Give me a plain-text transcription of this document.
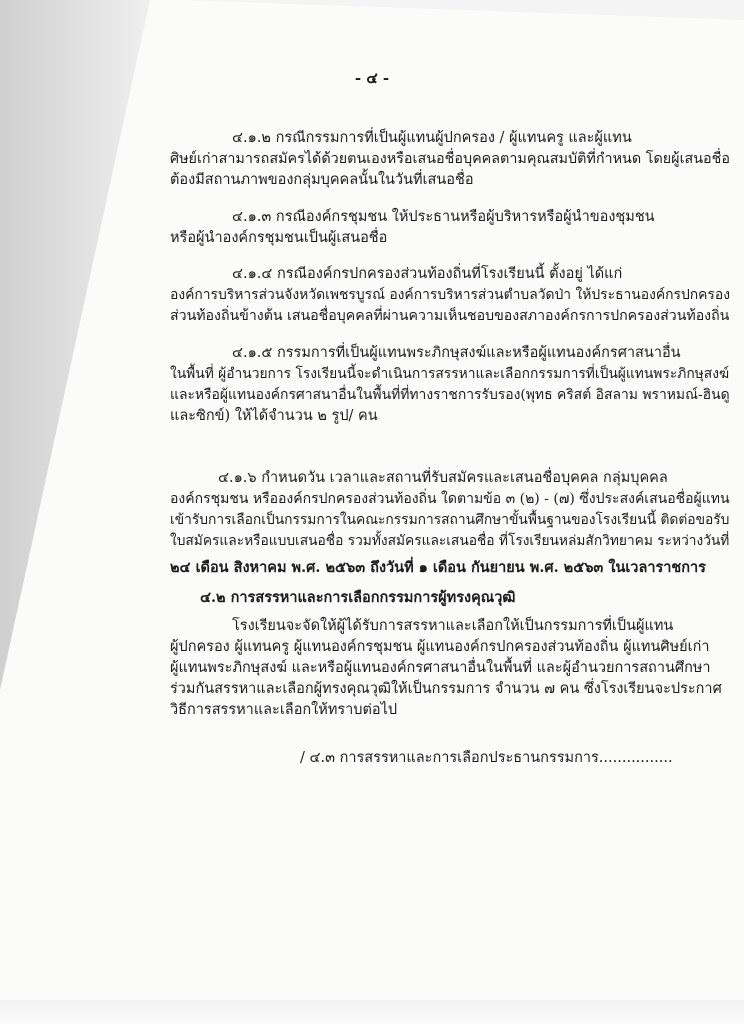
- ๔ -
๔.๑.๒ กรณีกรรมการที่เป็นผู้แทนผู้ปกครอง / ผู้แทนครู และผู้แทน
ศิษย์เก่าสามารถสมัครได้ด้วยตนเองหรือเสนอชื่อบุคคลตามคุณสมบัติที่กำหนด โดยผู้เสนอชื่อ
ต้องมีสถานภาพของกลุ่มบุคคลนั้นในวันที่เสนอชื่อ
๔.๑.๓ กรณีองค์กรชุมชน ให้ประธานหรือผู้บริหารหรือผู้นำของชุมชน
หรือผู้นำองค์กรชุมชนเป็นผู้เสนอชื่อ
๔.๑.๔ กรณีองค์กรปกครองส่วนท้องถิ่นที่โรงเรียนนี้ ตั้งอยู่ ได้แก่
องค์การบริหารส่วนจังหวัดเพชรบูรณ์ องค์การบริหารส่วนตำบลวัดป่า ให้ประธานองค์กรปกครอง
ส่วนท้องถิ่นข้างต้น เสนอชื่อบุคคลที่ผ่านความเห็นชอบของสภาองค์กรการปกครองส่วนท้องถิ่น
๔.๑.๕ กรรมการที่เป็นผู้แทนพระภิกษุสงฆ์และหรือผู้แทนองค์กรศาสนาอื่น
ในพื้นที่ ผู้อำนวยการ โรงเรียนนี้จะดำเนินการสรรหาและเลือกกรรมการที่เป็นผู้แทนพระภิกษุสงฆ์
และหรือผู้แทนองค์กรศาสนาอื่นในพื้นที่ที่ทางราชการรับรอง(พุทธ คริสต์ อิสลาม พราหมณ์-ฮินดู
และซิกข์) ให้ได้จำนวน ๒ รูป/ คน
๔.๑.๖ กำหนดวัน เวลาและสถานที่รับสมัครและเสนอชื่อบุคคล กลุ่มบุคคล
องค์กรชุมชน หรือองค์กรปกครองส่วนท้องถิ่น ใดตามข้อ ๓ (๒) - (๗) ซึ่งประสงค์เสนอชื่อผู้แทน
เข้ารับการเลือกเป็นกรรมการในคณะกรรมการสถานศึกษาขั้นพื้นฐานของโรงเรียนนี้ ติดต่อขอรับ
ใบสมัครและหรือแบบเสนอชื่อ รวมทั้งสมัครและเสนอชื่อ ที่โรงเรียนหล่มสักวิทยาคม ระหว่างวันที่
๒๔ เดือน สิงหาคม พ.ศ. ๒๕๖๓ ถึงวันที่ ๑ เดือน กันยายน พ.ศ. ๒๕๖๓ ในเวลาราชการ
๔.๒ การสรรหาและการเลือกกรรมการผู้ทรงคุณวุฒิ
โรงเรียนจะจัดให้ผู้ได้รับการสรรหาและเลือกให้เป็นกรรมการที่เป็นผู้แทน
ผู้ปกครอง ผู้แทนครู ผู้แทนองค์กรชุมชน ผู้แทนองค์กรปกครองส่วนท้องถิ่น ผู้แทนศิษย์เก่า
ผู้แทนพระภิกษุสงฆ์ และหรือผู้แทนองค์กรศาสนาอื่นในพื้นที่ และผู้อำนวยการสถานศึกษา
ร่วมกันสรรหาและเลือกผู้ทรงคุณวุฒิให้เป็นกรรมการ จำนวน ๗ คน ซึ่งโรงเรียนจะประกาศ
วิธีการสรรหาและเลือกให้ทราบต่อไป
/ ๔.๓ การสรรหาและการเลือกประธานกรรมการ................
